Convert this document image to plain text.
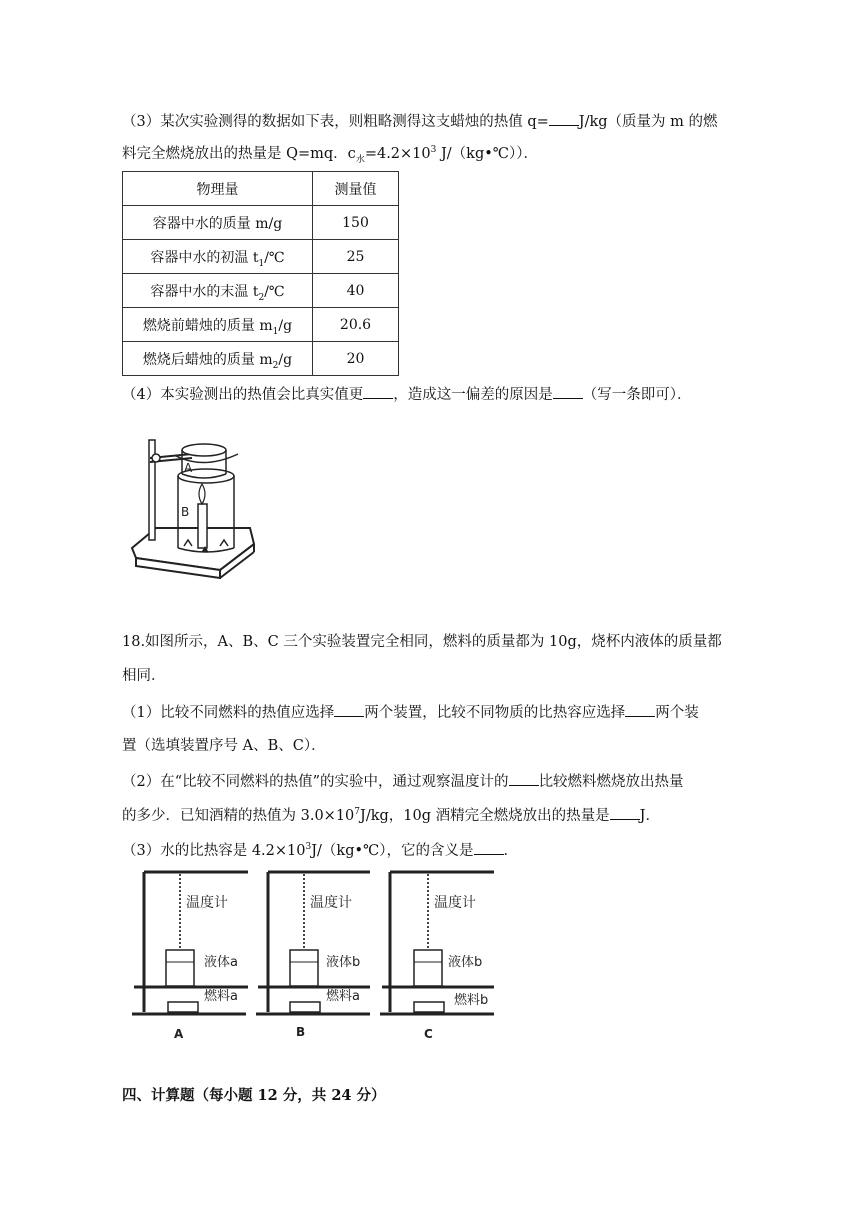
（3）某次实验测得的数据如下表，则粗略测得这支蜡烛的热值 q= J/kg（质量为 m 的燃
料完全燃烧放出的热量是 Q=mq．$c_水=4.2\times 10^3$ J/（kg•℃））．
物理量	测量值
容器中水的质量 m/g	150
容器中水的初温 $t_1/℃$	25
容器中水的末温 $t_2/℃$	40
燃烧前蜡烛的质量 $m_1/g$	20.6
燃烧后蜡烛的质量 $m_2/g$	20
（4）本实验测出的热值会比真实值更 ，造成这一偏差的原因是 （写一条即可）．
A
B
18.如图所示，A、B、C 三个实验装置完全相同，燃料的质量都为 10g，烧杯内液体的质量都
相同．
（1）比较不同燃料的热值应选择 两个装置，比较不同物质的比热容应选择 两个装
置（选填装置序号 A、B、C）．
（2）在“比较不同燃料的热值”的实验中，通过观察温度计的 比较燃料燃烧放出热量
的多少．已知酒精的热值为 $3.0\times 10^7J/kg$，10g 酒精完全燃烧放出的热量是 J．
（3）水的比热容是 $4.2\times 10^3J/(kg•℃)$，它的含义是 ．
温度计
液体a
燃料a
A
温度计
液体b
燃料a
B
温度计
液体b
燃料b
C
四、计算题（每小题 12 分，共 24 分）
